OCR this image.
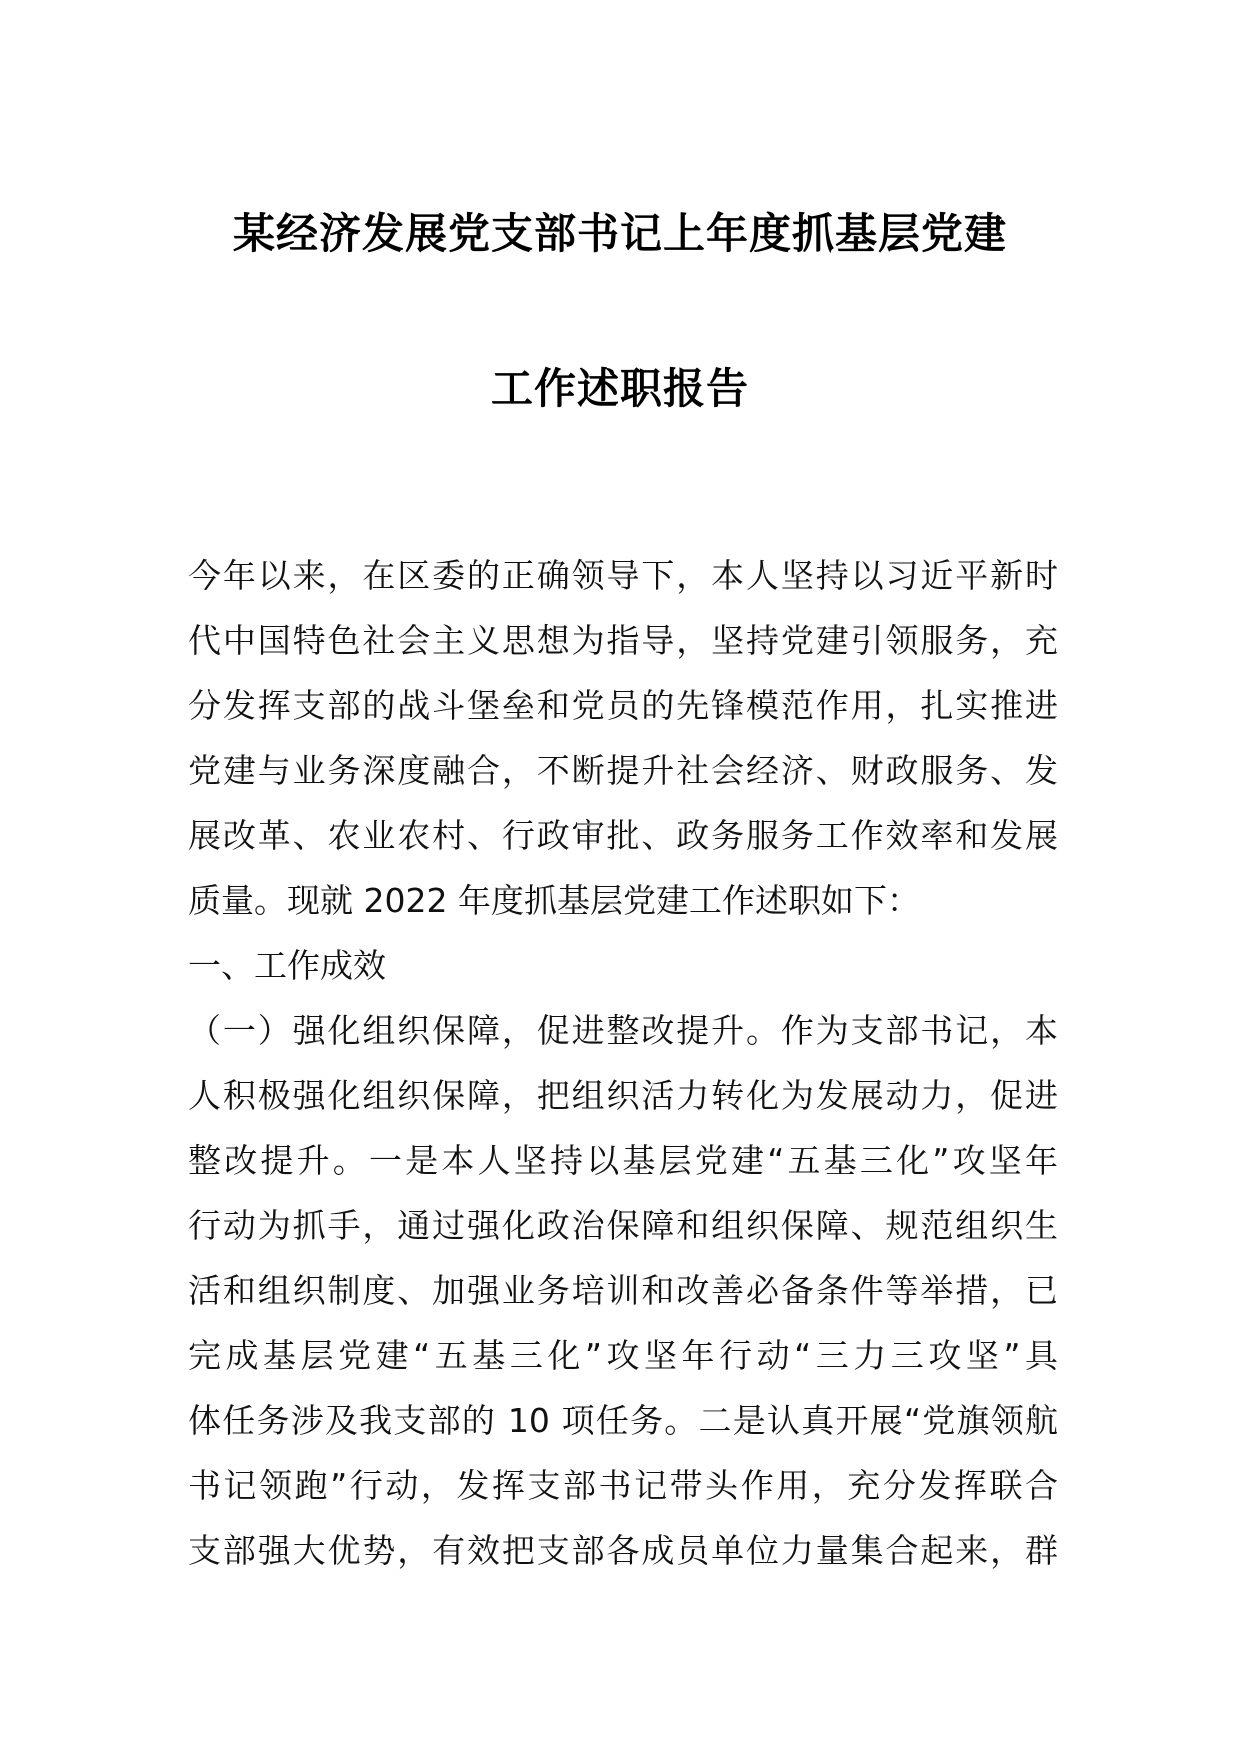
某经济发展党支部书记上年度抓基层党建
工作述职报告
今年以来，在区委的正确领导下，本人坚持以习近平新时
代中国特色社会主义思想为指导，坚持党建引领服务，充
分发挥支部的战斗堡垒和党员的先锋模范作用，扎实推进
党建与业务深度融合，不断提升社会经济、财政服务、发
展改革、农业农村、行政审批、政务服务工作效率和发展
质量。现就 2022 年度抓基层党建工作述职如下：
一、工作成效
（一）强化组织保障，促进整改提升。作为支部书记，本
人积极强化组织保障，把组织活力转化为发展动力，促进
整改提升。一是本人坚持以基层党建“五基三化”攻坚年
行动为抓手，通过强化政治保障和组织保障、规范组织生
活和组织制度、加强业务培训和改善必备条件等举措，已
完成基层党建“五基三化”攻坚年行动“三力三攻坚”具
体任务涉及我支部的 10 项任务。二是认真开展“党旗领航
书记领跑”行动，发挥支部书记带头作用，充分发挥联合
支部强大优势，有效把支部各成员单位力量集合起来，群
